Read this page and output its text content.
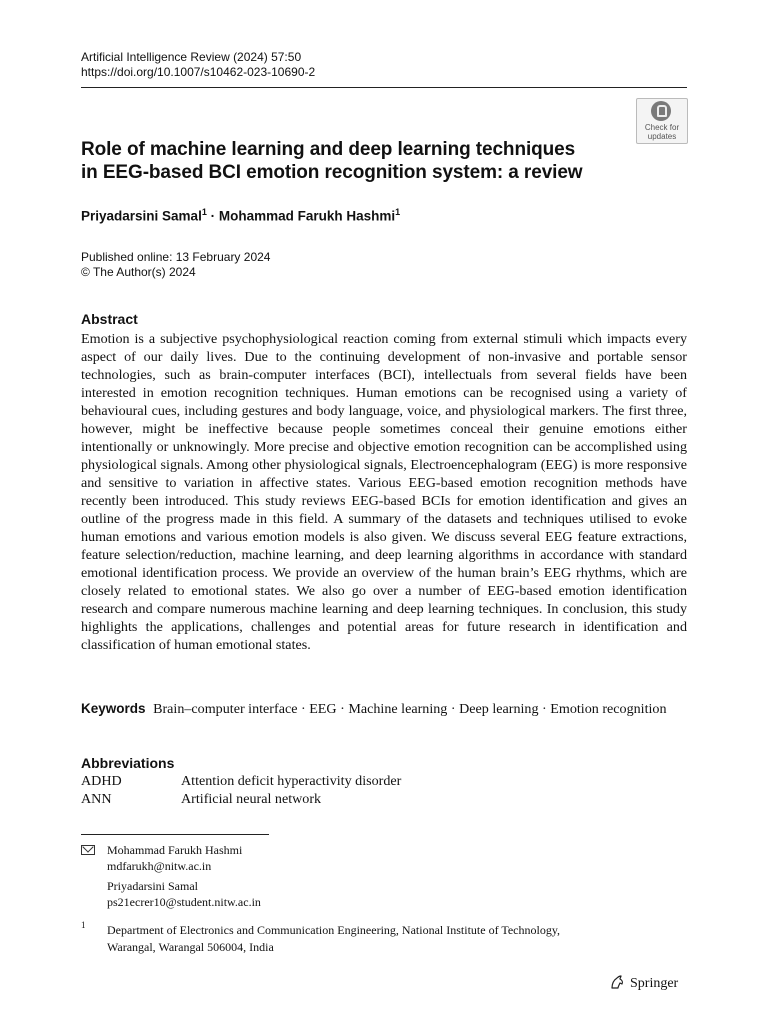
Artificial Intelligence Review (2024) 57:50
https://doi.org/10.1007/s10462-023-10690-2
Check for
updates
Role of machine learning and deep learning techniques
in EEG-based BCI emotion recognition system: a review
Priyadarsini Samal$^1$ · Mohammad Farukh Hashmi$^1$
Published online: 13 February 2024
© The Author(s) 2024
Abstract
Emotion is a subjective psychophysiological reaction coming from external stimuli which impacts every aspect of our daily lives. Due to the continuing development of non-invasive and portable sensor technologies, such as brain-computer interfaces (BCI), intellectuals from several fields have been interested in emotion recognition techniques. Human emotions can be recognised using a variety of behavioural cues, including gestures and body language, voice, and physiological markers. The first three, however, might be ineffective because people sometimes conceal their genuine emotions either intentionally or unknowingly. More precise and objective emotion recognition can be accomplished using physiological signals. Among other physiological signals, Electroencephalogram (EEG) is more responsive and sensitive to variation in affective states. Various EEG-based emotion recognition methods have recently been introduced. This study reviews EEG-based BCIs for emotion identification and gives an outline of the progress made in this field. A summary of the datasets and techniques utilised to evoke human emotions and various emotion models is also given. We discuss several EEG feature extractions, feature selection/reduction, machine learning, and deep learning algorithms in accordance with standard emotional identification process. We provide an overview of the human brain’s EEG rhythms, which are closely related to emotional states. We also go over a number of EEG-based emotion identification research and compare numerous machine learning and deep learning techniques. In conclusion, this study highlights the applications, challenges and potential areas for future research in identification and classification of human emotional states.
Keywords Brain–computer interface · EEG · Machine learning · Deep learning · Emotion recognition
Abbreviations
ADHD	Attention deficit hyperactivity disorder
ANN	Artificial neural network
Mohammad Farukh Hashmi
mdfarukh@nitw.ac.in
Priyadarsini Samal
ps21ecrer10@student.nitw.ac.in
1 Department of Electronics and Communication Engineering, National Institute of Technology,
Warangal, Warangal 506004, India
Springer
